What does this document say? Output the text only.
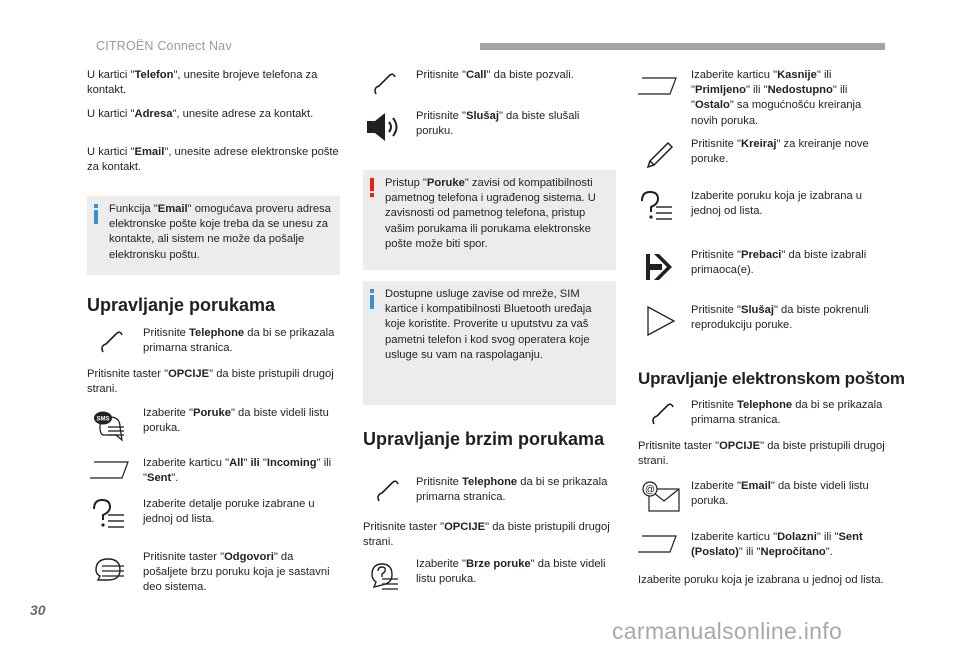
CITROËN Connect Nav

U kartici "Telefon", unesite brojeve telefona za kontakt.

U kartici "Adresa", unesite adrese za kontakt.

U kartici "Email", unesite adrese elektronske pošte za kontakt.

Funkcija "Email" omogućava proveru adresa elektronske pošte koje treba da se unesu za kontakte, ali sistem ne može da pošalje elektronsku poštu.
Upravljanje porukama
Pritisnite Telephone da bi se prikazala primarna stranica.

Pritisnite taster "OPCIJE" da biste pristupili drugoj strani.

SMS
Izaberite "Poruke" da biste videli listu poruka.
Izaberite karticu "All" ili "Incoming" ili "Sent".
Izaberite detalje poruke izabrane u jednoj od lista.
Pritisnite taster "Odgovori" da pošaljete brzu poruku koja je sastavni deo sistema.
Pritisnite "Call" da biste pozvali.
Pritisnite "Slušaj" da biste slušali poruku.
Pristup "Poruke" zavisi od kompatibilnosti pametnog telefona i ugrađenog sistema. U zavisnosti od pametnog telefona, pristup vašim porukama ili porukama elektronske pošte može biti spor.
Dostupne usluge zavise od mreže, SIM kartice i kompatibilnosti Bluetooth uređaja koje koristite. Proverite u uputstvu za vaš pametni telefon i kod svog operatera koje usluge su vam na raspolaganju.
Upravljanje brzim porukama
Pritisnite Telephone da bi se prikazala primarna stranica.

Pritisnite taster "OPCIJE" da biste pristupili drugoj strani.

Izaberite "Brze poruke" da biste videli listu poruka.
Izaberite karticu "Kasnije" ili "Primljeno" ili "Nedostupno" ili "Ostalo" sa mogućnošću kreiranja novih poruka.
Pritisnite "Kreiraj" za kreiranje nove poruke.
Izaberite poruku koja je izabrana u jednoj od lista.
Pritisnite "Prebaci" da biste izabrali primaoca(e).
Pritisnite "Slušaj" da biste pokrenuli reprodukciju poruke.
Upravljanje elektronskom poštom
Pritisnite Telephone da bi se prikazala primarna stranica.

Pritisnite taster "OPCIJE" da biste pristupili drugoj strani.

@	Izaberite "Email" da biste videli listu poruka.
Izaberite karticu "Dolazni" ili "Sent (Poslato)" ili "Nepročitano".

Izaberite poruku koja je izabrana u jednoj od lista.

30
carmanualsonline.info
